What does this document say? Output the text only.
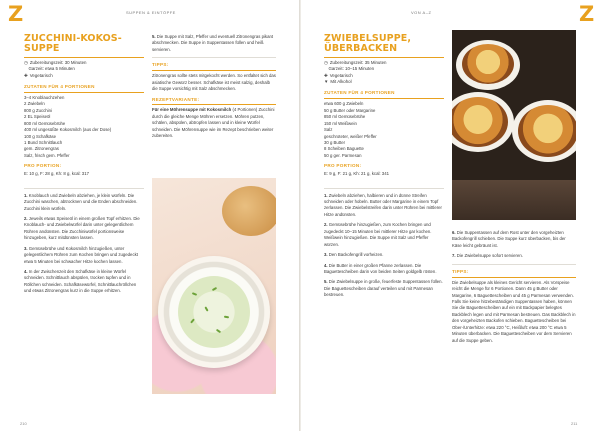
Z	SUPPEN & EINTÖPFE
ZUCCHINI-KOKOS-SUPPE
◷ Zubereitungszeit: 30 Minuten
Garzeit: etwa 5 Minuten
✚ Vegetarisch
ZUTATEN FÜR 4 PORTIONEN

3–4 Knoblauchzehen

2 Zwiebeln

800 g Zucchini

2 EL Speiseöl

800 ml Gemüsebrühe

400 ml ungesüßte Kokosmilch (aus der Dose)

100 g Schafkäse

1 Bund Schnittlauch

gem. Zitronengras

Salz, frisch gem. Pfeffer

PRO PORTION:
E: 10 g, F: 28 g, Kh: 8 g, kcal: 317
1. Knoblauch und Zwiebeln abziehen, je klein würfeln. Die Zucchini waschen, abtrocknen und die Enden abschneiden. Zucchini klein würfeln.
2. Jeweils etwas Speiseöl in einem großen Topf erhitzen. Die Knoblauch- und Zwiebelwürfel darin unter gelegentlichem Rühren andünsten. Die Zucchiniwürfel portionsweise hinzugeben, kurz mitdünsten lassen.
3. Gemüsebrühe und Kokosmilch hinzugießen, unter gelegentlichem Rühren zum Kochen bringen und zugedeckt etwa 5 Minuten bei schwacher Hitze kochen lassen.
4. In der Zwischenzeit den Schafkäse in kleine Würfel schneiden. Schnittlauch abspülen, trocken tupfen und in Röllchen schneiden. Schafkäsewürfel, Schnittlauchröllchen und etwas Zitronengras kurz in die Suppe erhitzen.
5. Die Suppe mit Salz, Pfeffer und eventuell Zitronengras pikant abschmecken. Die Suppe in Suppentassen füllen und heiß servieren.
TIPPS:
Zitronengras sollte stets mitgekocht werden. So entfaltet sich das asiatische Gewürz besser. Schafkäse ist meist salzig, deshalb die Suppe vorsichtig mit Salz abschmecken.
REZEPTVARIANTE:
Für eine Möhrensuppe mit Kokosmilch (4 Portionen) Zucchini durch die gleiche Menge Möhren ersetzen. Möhren putzen, schälen, abspülen, abtropfen lassen und in kleine Würfel schneiden. Die Möhrensuppe wie im Rezept beschrieben weiter zubereiten.
210
VON A–Z	Z
ZWIEBELSUPPE,
ÜBERBACKEN
◷ Zubereitungszeit: 35 Minuten
Garzeit: 10–15 Minuten
✚ Vegetarisch
▼ Mit Alkohol
ZUTATEN FÜR 4 PORTIONEN

etwa 600 g Zwiebeln

50 g Butter oder Margarine

850 ml Gemüsebrühe

150 ml Weißwein

Salz

geschroteter, weißer Pfeffer

30 g Butter

8 Scheiben Baguette

50 g ger. Parmesan

PRO PORTION:
E: 9 g, F: 21 g, Kh: 21 g, kcal: 341
1. Zwiebeln abziehen, halbieren und in dünne Streifen schneiden oder hobeln. Butter oder Margarine in einem Topf zerlassen. Die Zwiebelstreifen darin unter Rühren bei mittlerer Hitze andünsten.
2. Gemüsebrühe hinzugießen, zum Kochen bringen und zugedeckt 10–15 Minuten bei mittlerer Hitze gar kochen. Weißwein hinzugießen. Die Suppe mit Salz und Pfeffer würzen.
3. Den Backofengrill vorheizen.
4. Die Butter in einer großen Pfanne zerlassen. Die Baguettescheiben darin von beiden Seiten goldgelb rösten.
5. Die Zwiebelsuppe in große, feuerfeste Suppentassen füllen. Die Baguettescheiben darauf verteilen und mit Parmesan bestreuen.
6. Die Suppentassen auf dem Rost unter den vorgeheizten Backofengrill schieben. Die Suppe kurz überbacken, bis der Käse leicht gebräunt ist.
7. Die Zwiebelsuppe sofort servieren.
TIPPS:
Die Zwiebelsuppe als kleines Gericht servieren. Als Vorspeise reicht die Menge für 6 Portionen. Dann 45 g Butter oder Margarine, 6 Baguettescheiben und 45 g Parmesan verwenden. Falls Sie keine hitzebeständigen Suppentassen haben, können Sie die Baguettescheiben auf ein mit Backpapier belegtes Backblech legen und mit Parmesan bestreuen. Das Backblech in den vorgeheizten Backofen schieben. Baguettescheiben bei Ober-/Unterhitze: etwa 220 °C, Heißluft: etwa 200 °C etwa 5 Minuten überbacken. Die Baguettescheiben vor dem Servieren auf die Suppe geben.
211
